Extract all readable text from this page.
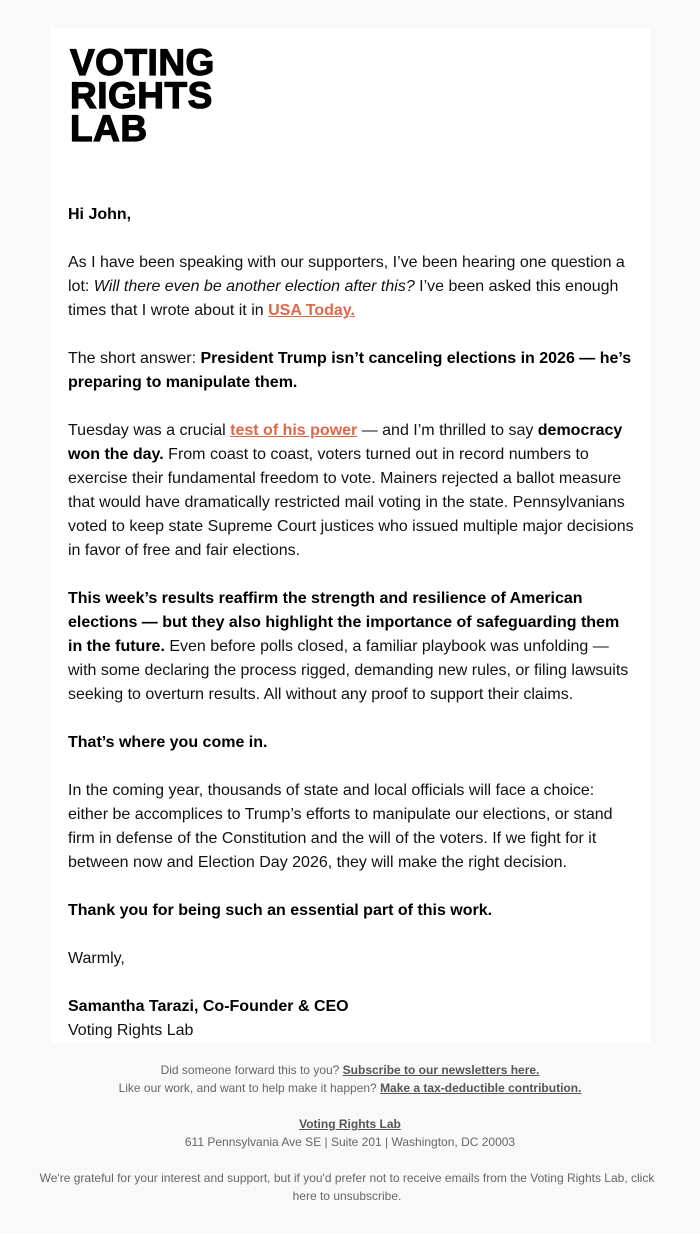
VOTING
RIGHTS
LAB

Hi John,

As I have been speaking with our supporters, I’ve been hearing one question a lot: Will there even be another election after this? I’ve been asked this enough times that I wrote about it in USA Today.

The short answer: President Trump isn’t canceling elections in 2026 — he’s preparing to manipulate them.

Tuesday was a crucial test of his power — and I’m thrilled to say democracy won the day. From coast to coast, voters turned out in record numbers to exercise their fundamental freedom to vote. Mainers rejected a ballot measure that would have dramatically restricted mail voting in the state. Pennsylvanians voted to keep state Supreme Court justices who issued multiple major decisions in favor of free and fair elections.

This week’s results reaffirm the strength and resilience of American elections — but they also highlight the importance of safeguarding them in the future. Even before polls closed, a familiar playbook was unfolding — with some declaring the process rigged, demanding new rules, or filing lawsuits seeking to overturn results. All without any proof to support their claims.

That’s where you come in.

In the coming year, thousands of state and local officials will face a choice: either be accomplices to Trump’s efforts to manipulate our elections, or stand firm in defense of the Constitution and the will of the voters. If we fight for it between now and Election Day 2026, they will make the right decision.

Thank you for being such an essential part of this work.

Warmly,

Samantha Tarazi, Co-Founder & CEO
Voting Rights Lab

Did someone forward this to you? Subscribe to our newsletters here.
Like our work, and want to help make it happen? Make a tax-deductible contribution.

Voting Rights Lab
611 Pennsylvania Ave SE | Suite 201 | Washington, DC 20003

We're grateful for your interest and support, but if you'd prefer not to receive emails from the Voting Rights Lab, click here to unsubscribe.
